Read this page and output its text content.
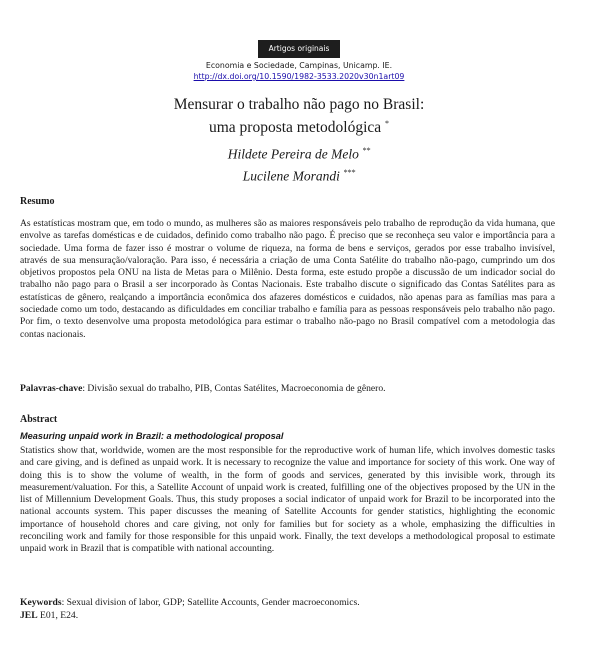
Artigos originais
Economia e Sociedade, Campinas, Unicamp. IE.
http://dx.doi.org/10.1590/1982-3533.2020v30n1art09
Mensurar o trabalho não pago no Brasil:
uma proposta metodológica *
Hildete Pereira de Melo **
Lucilene Morandi ***
Resumo

As estatísticas mostram que, em todo o mundo, as mulheres são as maiores responsáveis pelo trabalho de reprodução da vida humana, que envolve as tarefas domésticas e de cuidados, definido como trabalho não pago. É preciso que se reconheça seu valor e importância para a sociedade. Uma forma de fazer isso é mostrar o volume de riqueza, na forma de bens e serviços, gerados por esse trabalho invisível, através de sua mensuração/valoração. Para isso, é necessária a criação de uma Conta Satélite do trabalho não-pago, cumprindo um dos objetivos propostos pela ONU na lista de Metas para o Milênio. Desta forma, este estudo propõe a discussão de um indicador social do trabalho não pago para o Brasil a ser incorporado às Contas Nacionais. Este trabalho discute o significado das Contas Satélites para as estatísticas de gênero, realçando a importância econômica dos afazeres domésticos e cuidados, não apenas para as famílias mas para a sociedade como um todo, destacando as dificuldades em conciliar trabalho e família para as pessoas responsáveis pelo trabalho não pago. Por fim, o texto desenvolve uma proposta metodológica para estimar o trabalho não-pago no Brasil compatível com a metodologia das contas nacionais.

Palavras-chave: Divisão sexual do trabalho, PIB, Contas Satélites, Macroeconomia de gênero.
Abstract
Measuring unpaid work in Brazil: a methodological proposal

Statistics show that, worldwide, women are the most responsible for the reproductive work of human life, which involves domestic tasks and care giving, and is defined as unpaid work. It is necessary to recognize the value and importance for society of this work. One way of doing this is to show the volume of wealth, in the form of goods and services, generated by this invisible work, through its measurement/valuation. For this, a Satellite Account of unpaid work is created, fulfilling one of the objectives proposed by the UN in the list of Millennium Development Goals. Thus, this study proposes a social indicator of unpaid work for Brazil to be incorporated into the national accounts system. This paper discusses the meaning of Satellite Accounts for gender statistics, highlighting the economic importance of household chores and care giving, not only for families but for society as a whole, emphasizing the difficulties in reconciling work and family for those responsible for this unpaid work. Finally, the text develops a methodological proposal to estimate unpaid work in Brazil that is compatible with national accounting.

Keywords: Sexual division of labor, GDP; Satellite Accounts, Gender macroeconomics.
JEL E01, E24.
